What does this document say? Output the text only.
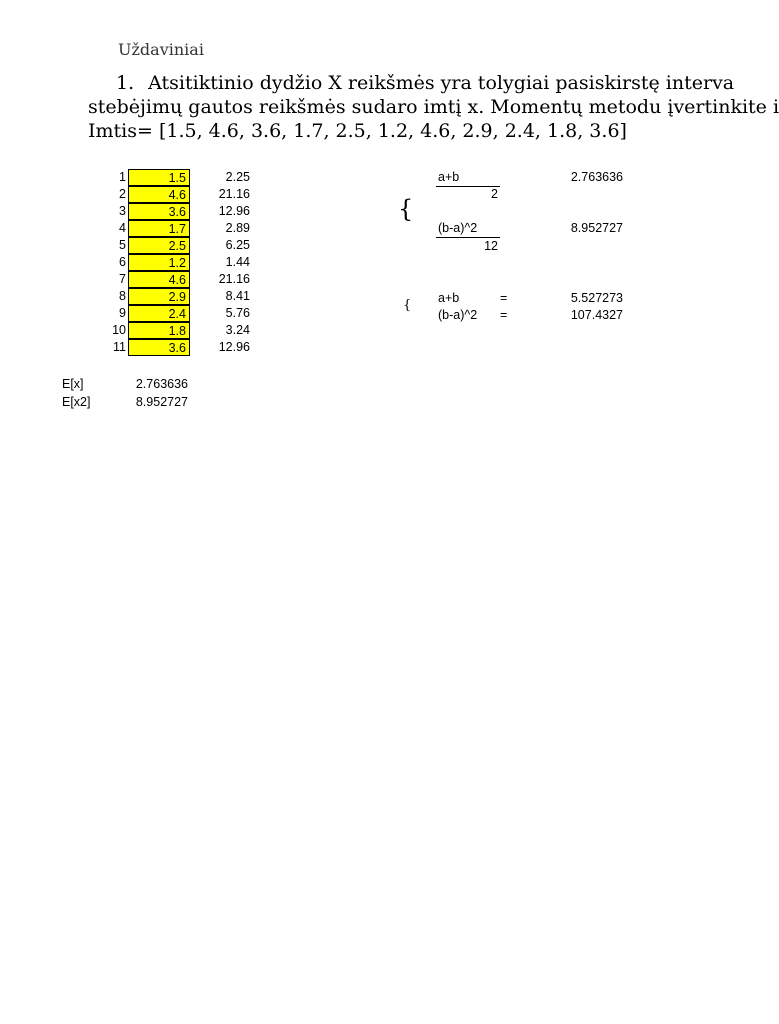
Uždaviniai
1. Atsitiktinio dydžio X reikšmės yra tolygiai pasiskirstę interva
stebėjimų gautos reikšmės sudaro imtį x. Momentų metodu įvertinkite i
Imtis= [1.5, 4.6, 3.6, 1.7, 2.5, 1.2, 4.6, 2.9, 2.4, 1.8, 3.6]
1	1.5	2.25
2	4.6	21.16
3	3.6	12.96
4	1.7	2.89
5	2.5	6.25
6	1.2	1.44
7	4.6	21.16
8	2.9	8.41
9	2.4	5.76
10	1.8	3.24
11	3.6	12.96
E[x]	2.763636
E[x2]	8.952727
{
a+b
2
2.763636
(b-a)^2
12
8.952727
{ a+b	=	5.527273
(b-a)^2 =	107.4327
